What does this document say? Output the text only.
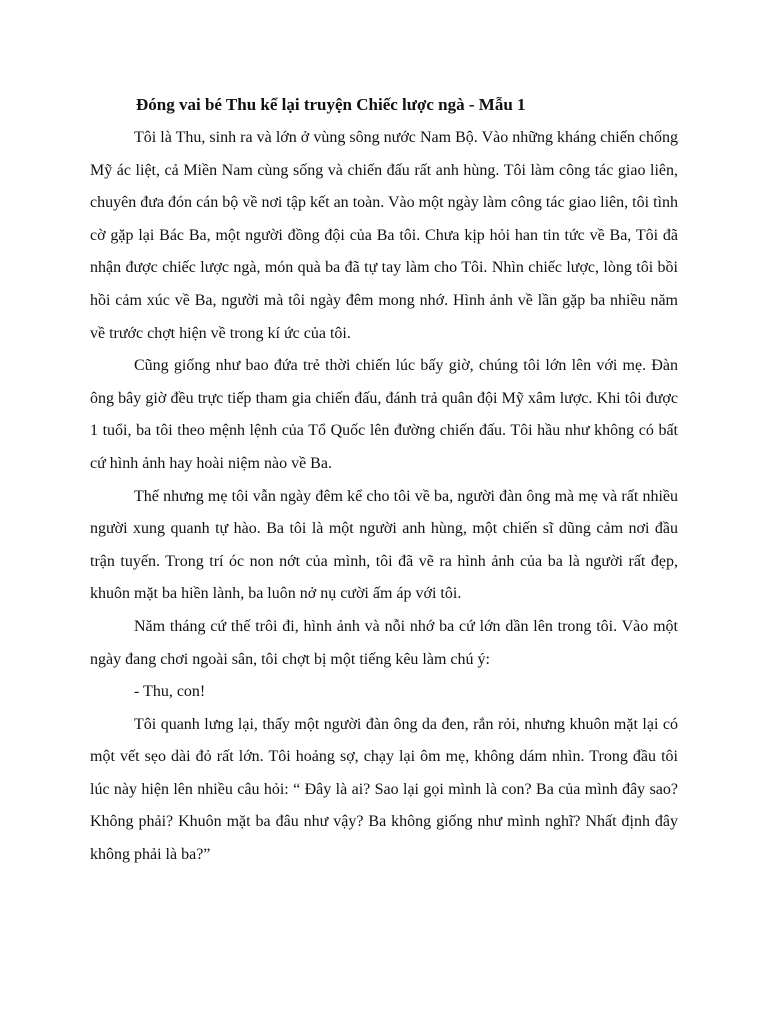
Đóng vai bé Thu kể lại truyện Chiếc lược ngà - Mẫu 1

Tôi là Thu, sinh ra và lớn ở vùng sông nước Nam Bộ. Vào những kháng chiến chống Mỹ ác liệt, cả Miền Nam cùng sống và chiến đấu rất anh hùng. Tôi làm công tác giao liên, chuyên đưa đón cán bộ về nơi tập kết an toàn. Vào một ngày làm công tác giao liên, tôi tình cờ gặp lại Bác Ba, một người đồng đội của Ba tôi. Chưa kịp hỏi han tin tức về Ba, Tôi đã nhận được chiếc lược ngà, món quà ba đã tự tay làm cho Tôi. Nhìn chiếc lược, lòng tôi bồi hồi cảm xúc về Ba, người mà tôi ngày đêm mong nhớ. Hình ảnh về lần gặp ba nhiều năm về trước chợt hiện về trong kí ức của tôi.

Cũng giống như bao đứa trẻ thời chiến lúc bấy giờ, chúng tôi lớn lên với mẹ. Đàn ông bây giờ đều trực tiếp tham gia chiến đấu, đánh trả quân đội Mỹ xâm lược. Khi tôi được 1 tuổi, ba tôi theo mệnh lệnh của Tổ Quốc lên đường chiến đấu. Tôi hầu như không có bất cứ hình ảnh hay hoài niệm nào về Ba.

Thế nhưng mẹ tôi vẫn ngày đêm kể cho tôi về ba, người đàn ông mà mẹ và rất nhiều người xung quanh tự hào. Ba tôi là một người anh hùng, một chiến sĩ dũng cảm nơi đầu trận tuyến. Trong trí óc non nớt của mình, tôi đã vẽ ra hình ảnh của ba là người rất đẹp, khuôn mặt ba hiền lành, ba luôn nở nụ cười ấm áp với tôi.

Năm tháng cứ thế trôi đi, hình ảnh và nỗi nhớ ba cứ lớn dần lên trong tôi. Vào một ngày đang chơi ngoài sân, tôi chợt bị một tiếng kêu làm chú ý:

- Thu, con!

Tôi quanh lưng lại, thấy một người đàn ông da đen, rắn rỏi, nhưng khuôn mặt lại có một vết sẹo dài đỏ rất lớn. Tôi hoảng sợ, chạy lại ôm mẹ, không dám nhìn. Trong đầu tôi lúc này hiện lên nhiều câu hỏi: “ Đây là ai? Sao lại gọi mình là con? Ba của mình đây sao? Không phải? Khuôn mặt ba đâu như vậy? Ba không giống như mình nghĩ? Nhất định đây không phải là ba?”
